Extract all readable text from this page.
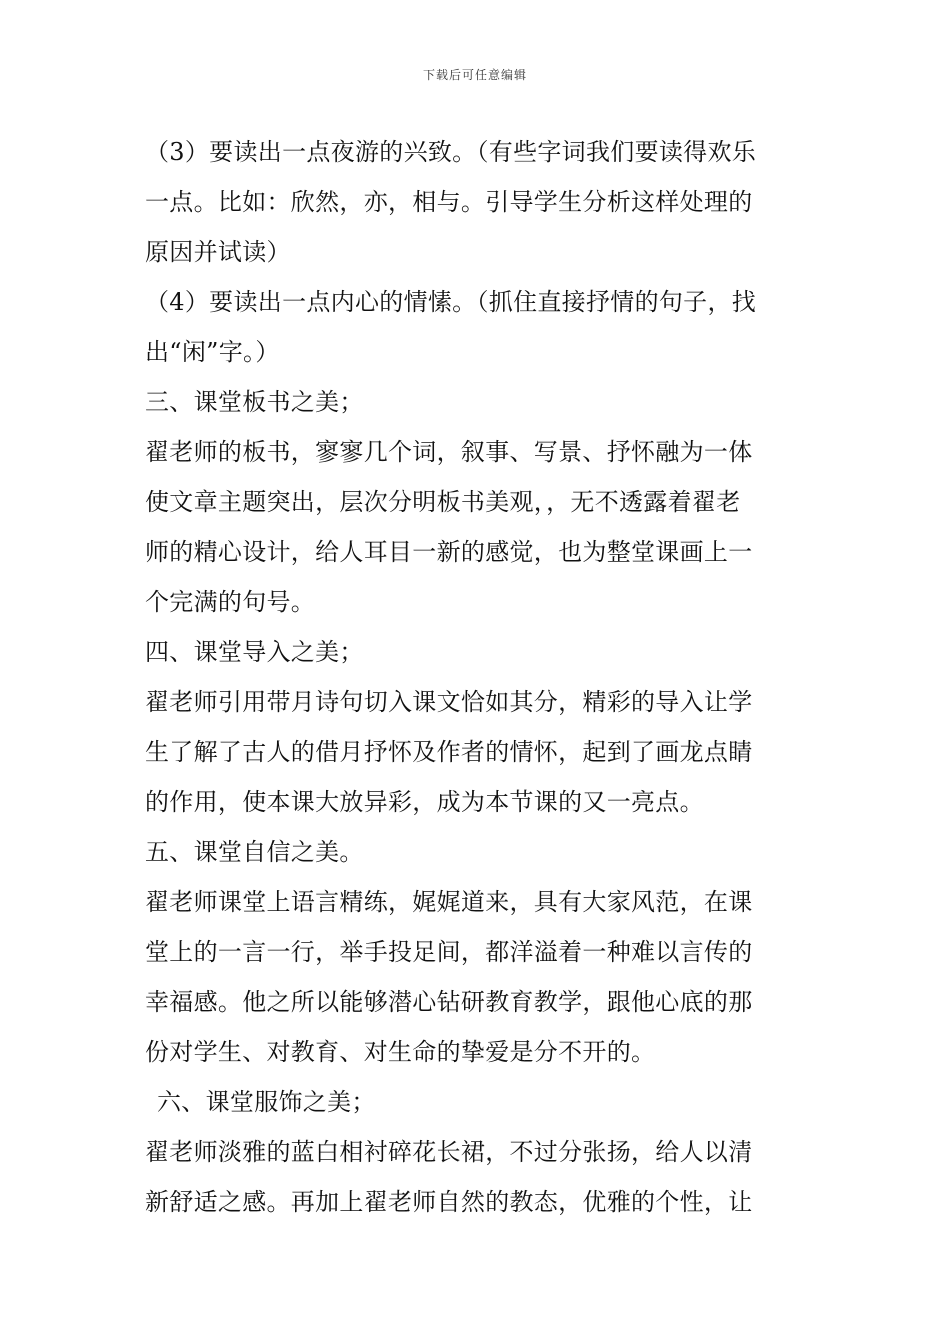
下载后可任意编辑
（3）要读出一点夜游的兴致。（有些字词我们要读得欢乐
一点。比如：欣然，亦，相与。引导学生分析这样处理的
原因并试读）
（4）要读出一点内心的情愫。（抓住直接抒情的句子，找
出“闲”字。）
三、课堂板书之美；
翟老师的板书，寥寥几个词，叙事、写景、抒怀融为一体
使文章主题突出，层次分明板书美观，，无不透露着翟老
师的精心设计，给人耳目一新的感觉，也为整堂课画上一
个完满的句号。
四、课堂导入之美；
翟老师引用带月诗句切入课文恰如其分，精彩的导入让学
生了解了古人的借月抒怀及作者的情怀，起到了画龙点睛
的作用，使本课大放异彩，成为本节课的又一亮点。
五、课堂自信之美。
翟老师课堂上语言精练，娓娓道来，具有大家风范，在课
堂上的一言一行，举手投足间，都洋溢着一种难以言传的
幸福感。他之所以能够潜心钻研教育教学，跟他心底的那
份对学生、对教育、对生命的挚爱是分不开的。
六、课堂服饰之美；
翟老师淡雅的蓝白相衬碎花长裙，不过分张扬，给人以清
新舒适之感。再加上翟老师自然的教态，优雅的个性，让
